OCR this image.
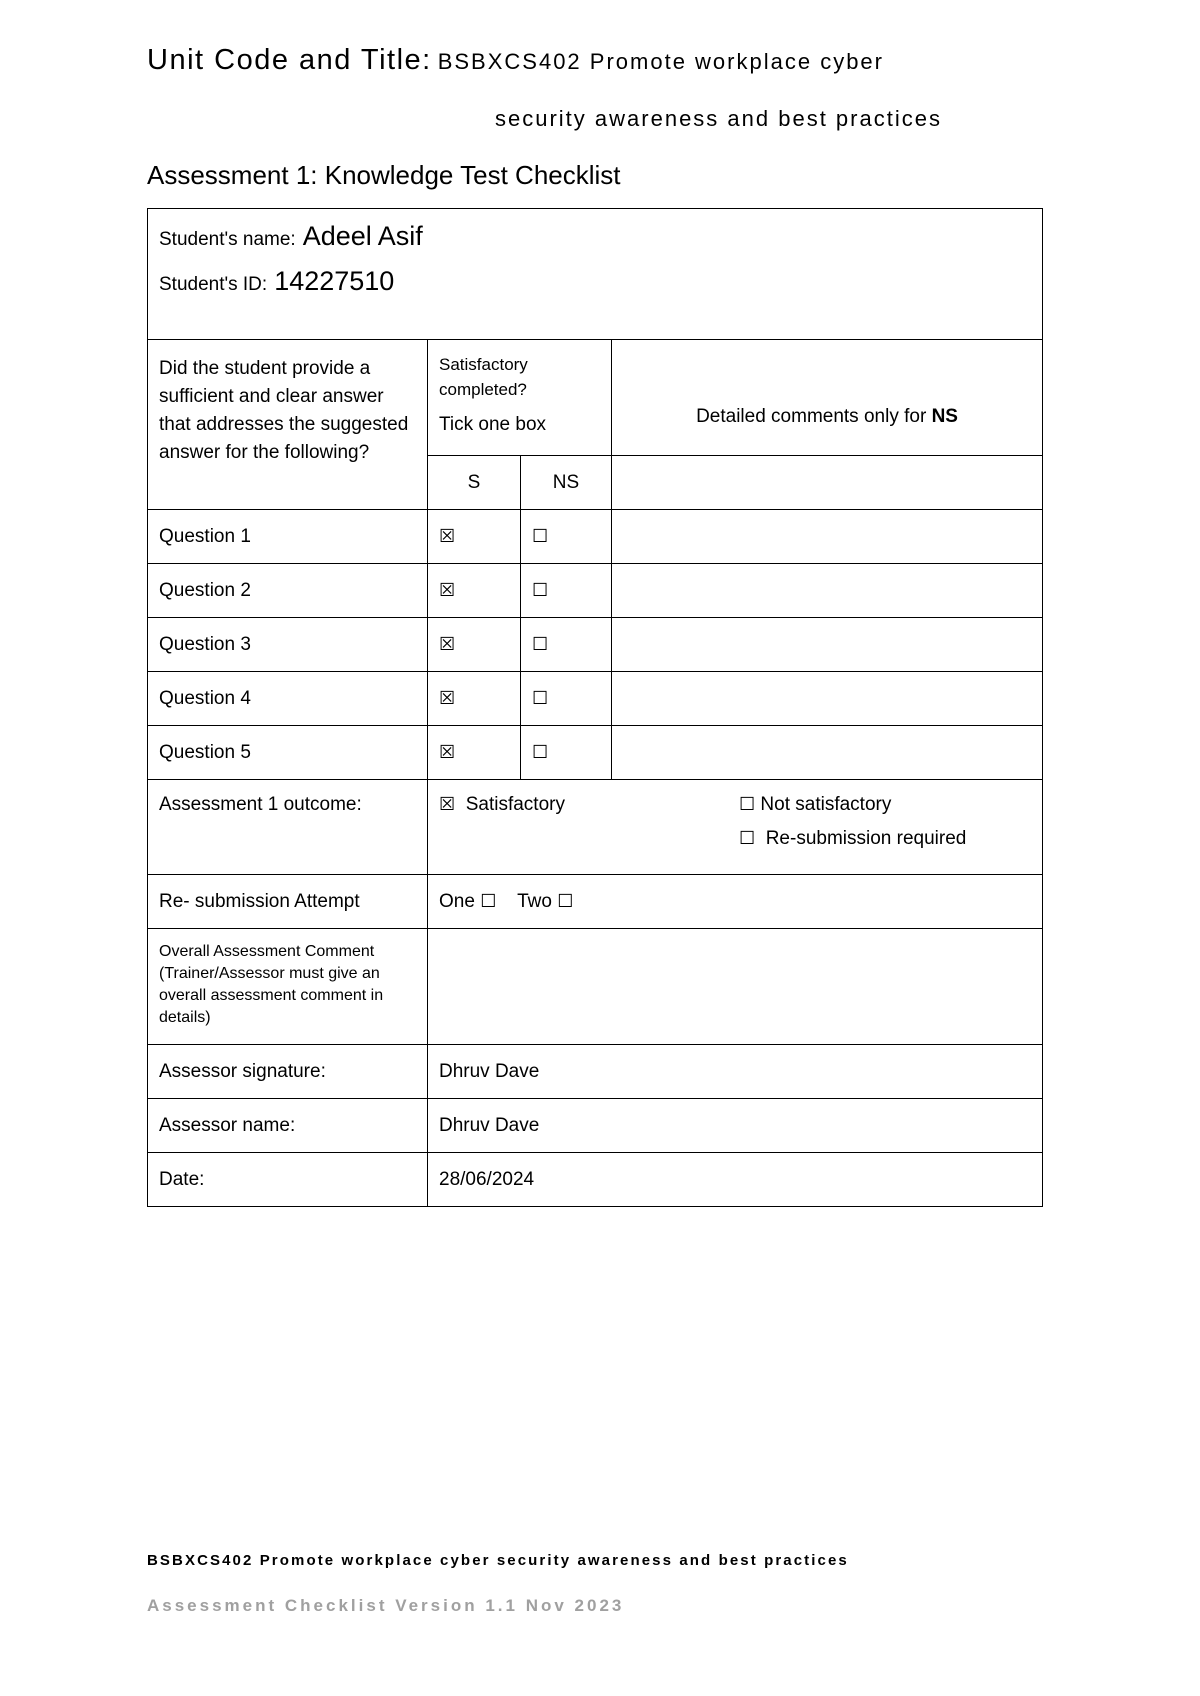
Unit Code and Title: BSBXCS402 Promote workplace cyber
security awareness and best practices
Assessment 1: Knowledge Test Checklist
Student's name: Adeel Asif
Student's ID: 14227510			

Did the student provide a sufficient and clear answer that addresses the suggested answer for the following?	Satisfactory completed?
Tick one box		Detailed comments only for NS
	S	NS	
Question 1	☒	☐	
Question 2	☒	☐	
Question 3	☒	☐	
Question 4	☒	☐	
Question 5	☒	☐	
Assessment 1 outcome:	☒ Satisfactory ☐ Not satisfactory
☐ Re-submission required		

Re- submission Attempt	One ☐ Two ☐		

Overall Assessment Comment (Trainer/Assessor must give an overall assessment comment in details)			

Assessor signature:	Dhruv Dave		
Assessor name:	Dhruv Dave		
Date:	28/06/2024		
BSBXCS402 Promote workplace cyber security awareness and best practices
Assessment Checklist Version 1.1 Nov 2023
